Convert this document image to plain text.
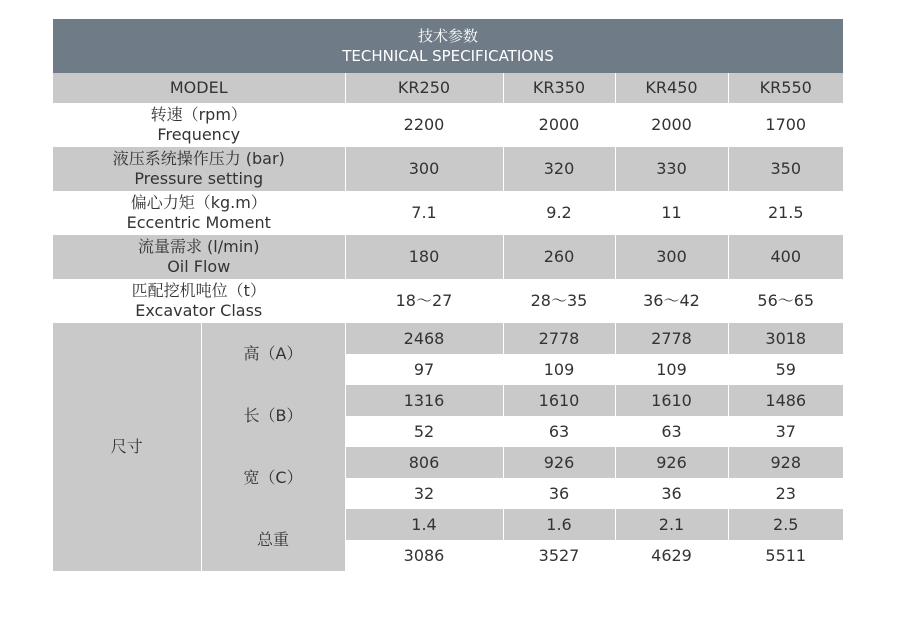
技术参数
TECHNICAL SPECIFICATIONS					

MODEL		KR250	KR350	KR450	KR550

转速（rpm）
Frequency		2200	2000	2000	1700

液压系统操作压力 (bar)
Pressure setting		300	320	330	350

偏心力矩（kg.m）
Eccentric Moment		7.1	9.2	11	21.5

流量需求 (l/min)
Oil Flow		180	260	300	400

匹配挖机吨位（t）
Excavator Class		18～27	28～35	36～42	56～65
尺寸	高（A）	2468	2778	2778	3018
		97	109	109	59
	长（B）	1316	1610	1610	1486
		52	63	63	37
	宽（C）	806	926	926	928
		32	36	36	23
	总重	1.4	1.6	2.1	2.5
		3086	3527	4629	5511
